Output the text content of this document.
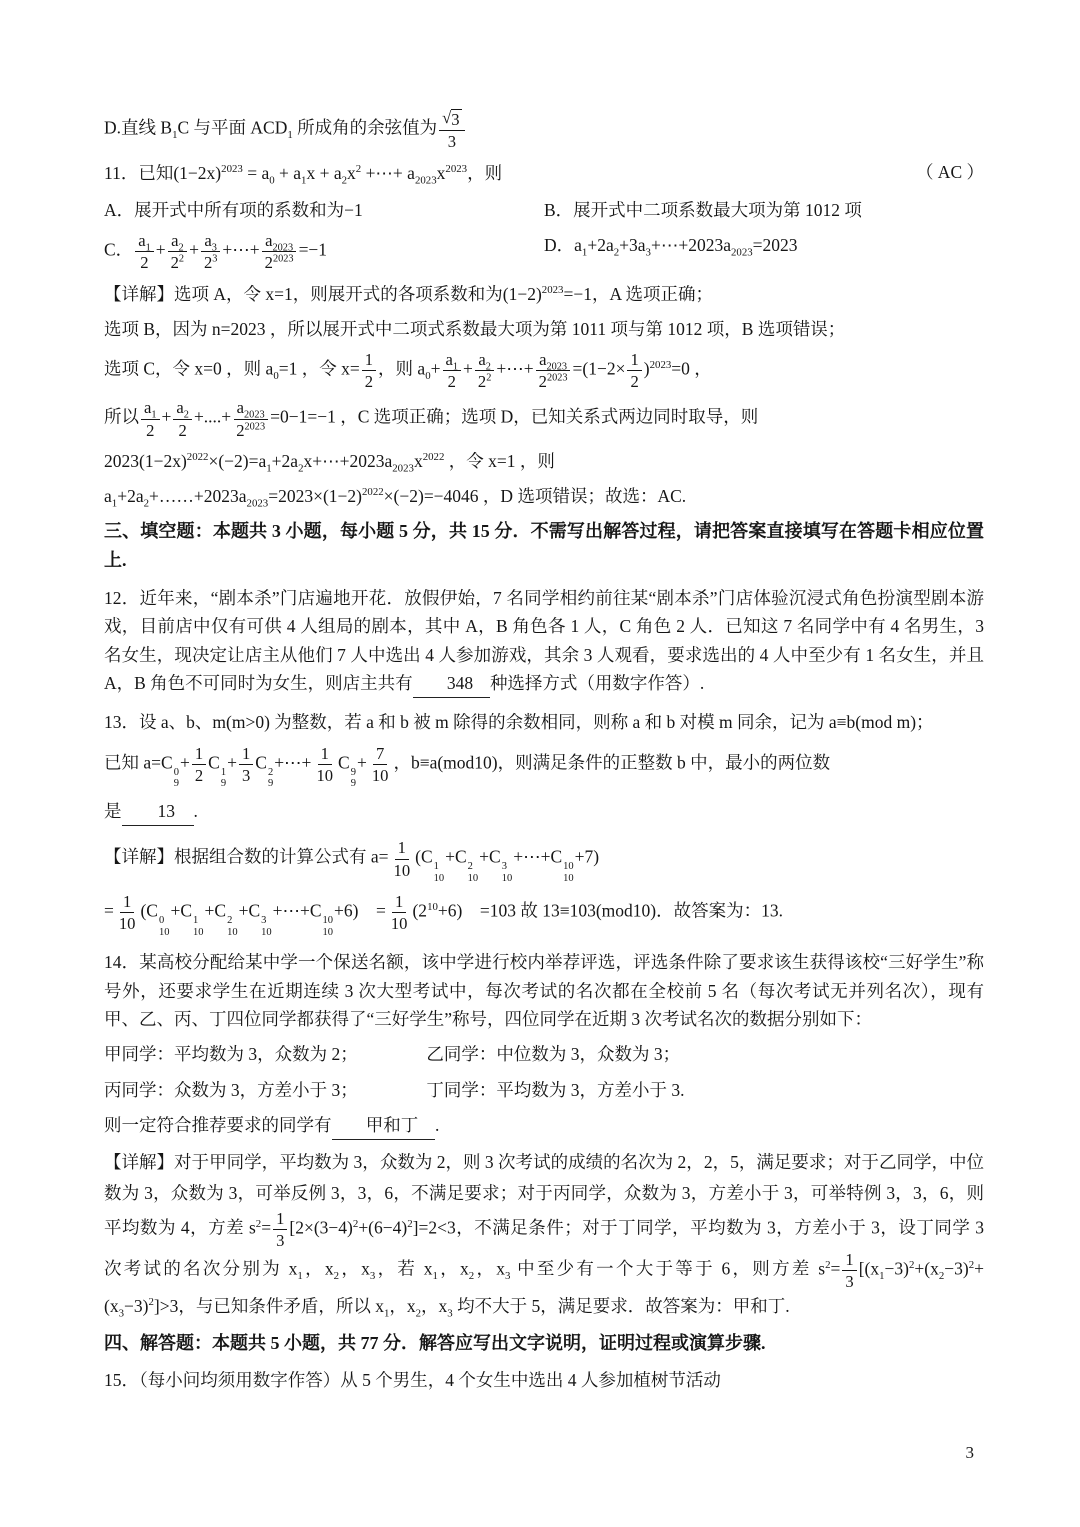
D.直线 $B_1C$ 与平面 $ACD_1$ 所成角的余弦值为 $\frac{√ 3}{3}$
11．已知$(1-2x)^{2023} = a_0 + a_1x + a_2x^2$ +⋯+ $a_{2023}x^{2023}$，则	（ AC ）
A．展开式中所有项的系数和为−1	B．展开式中二项系数最大项为第 1012 项
C． $\frac{a_1}{2} + \frac{a_2}{2^2} + \frac{a_3}{2^3}$ +⋯+ $\frac{a_{2023}}{2^{2023}} =-1$	D．$a_1+2a_2+3a_3+\cdots+2023a_{2023}=2023$
【详解】选项 A，令 x=1，则展开式的各项系数和为$(1-2)^{2023}=-1$，A 选项正确；
选项 B，因为 n=2023 ，所以展开式中二项式系数最大项为第 1011 项与第 1012 项，B 选项错误；
选项 C，令 x=0 ，则 $a_0=1$ ，令 $x= \frac{1}{2}$ ，则 $a_0+ \frac{a_1}{2} + \frac{a_2}{2^2}$ +⋯+ $\frac{a_{2023}}{2^{2023}} =(1-2\times \frac{1}{2} )^{2023}=0$ ，
所以 $\frac{a_1}{2} + \frac{a_2}{2}$ +....+ $\frac{a_{2023}}{2^{2023}} =0-1=-1$ ，C 选项正确；选项 D，已知关系式两边同时取导，则
$2023(1-2x)^{2022}\times(-2)=a_1+2a_2x+\cdots+2023a_{2023}x^{2022}$ ，令 x=1 ，则
$a_1+2a_2+\dots\dots+2023a_{2023}=2023\times(1-2)^{2022}\times(-2)=-4046$ ，D 选项错误；故选：AC.
三、填空题：本题共 3 小题，每小题 5 分，共 15 分．不需写出解答过程，请把答案直接填写在答题卡相应位置上.
12．近年来，“剧本杀”门店遍地开花．放假伊始，7 名同学相约前往某“剧本杀”门店体验沉浸式角色扮演型剧本游戏，目前店中仅有可供 4 人组局的剧本，其中 A，B 角色各 1 人，C 角色 2 人．已知这 7 名同学中有 4 名男生，3 名女生，现决定让店主从他们 7 人中选出 4 人参加游戏，其余 3 人观看，要求选出的 4 人中至少有 1 名女生，并且 A，B 角色不可同时为女生，则店主共有　348　种选择方式（用数字作答）.
13．设 a、b、m(m>0) 为整数，若 a 和 b 被 m 除得的余数相同，则称 a 和 b 对模 m 同余，记为 a≡b(mod m)；
已知 a=C 0
9
+ $\frac{1}{2}$ C 1
9
+ $\frac{1}{3}$ C 2
9
+⋯+ $\frac{1}{10}$ C 9
9
+ $\frac{7}{10}$ ，b≡a(mod10)，则满足条件的正整数 b 中，最小的两位数
是　13　.
【详解】根据组合数的计算公式有 $a= \frac{1}{10} (C$ 1
10
+C 2
10
+C 3
10
+⋯+C 10
10
+7)
= $\frac{1}{10} (C$ 0
10
+C 1
10
+C 2
10
+C 3
10
+⋯+C 10
10
+6)　= $\frac{1}{10} (2^{10}+6)$　=103 故 13≡103(mod10)．故答案为：13.
14．某高校分配给某中学一个保送名额，该中学进行校内举荐评选，评选条件除了要求该生获得该校“三好学生”称号外，还要求学生在近期连续 3 次大型考试中，每次考试的名次都在全校前 5 名（每次考试无并列名次），现有甲、乙、丙、丁四位同学都获得了“三好学生”称号，四位同学在近期 3 次考试名次的数据分别如下：
甲同学：平均数为 3，众数为 2；	乙同学：中位数为 3，众数为 3；
丙同学：众数为 3，方差小于 3；	丁同学：平均数为 3，方差小于 3.
则一定符合推荐要求的同学有　甲和丁　.
【详解】对于甲同学，平均数为 3，众数为 2，则 3 次考试的成绩的名次为 2，2，5，满足要求；对于乙同学，中位数为 3，众数为 3，可举反例 3，3，6，不满足要求；对于丙同学，众数为 3，方差小于 3，可举特例 3，3，6，则平均数为 4，方差 $s^2= \frac{1}{3} [2\times(3-4)^2+(6-4)^2]=2<3$，不满足条件；对于丁同学，平均数为 3，方差小于 3，设丁同学 3 次考试的名次分别为 $x_1$，$x_2$，$x_3$，若 $x_1$，$x_2$，$x_3$ 中至少有一个大于等于 6，则方差 $s^2= \frac{1}{3} [(x_1-3)^2+(x_2-3)^2+(x_3-3)^2]>3$，与已知条件矛盾，所以 $x_1$，$x_2$，$x_3$ 均不大于 5，满足要求．故答案为：甲和丁.
四、解答题：本题共 5 小题，共 77 分．解答应写出文字说明，证明过程或演算步骤.
15．（每小问均须用数字作答）从 5 个男生，4 个女生中选出 4 人参加植树节活动
3
